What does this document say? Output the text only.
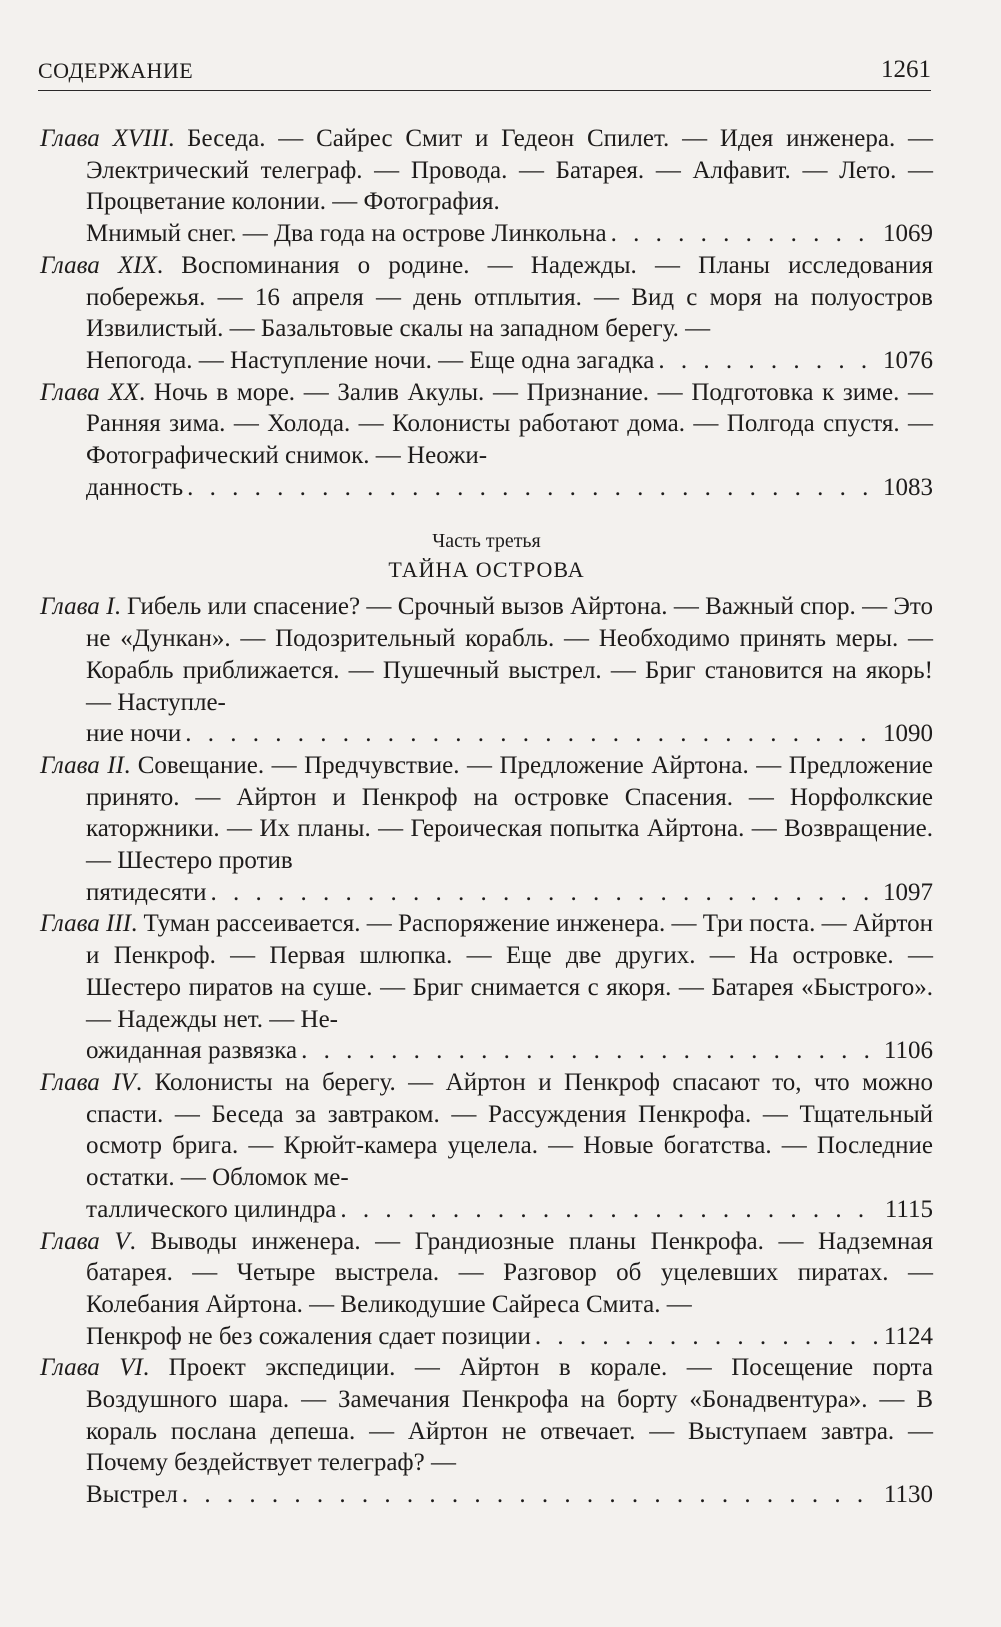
СОДЕРЖАНИЕ	1261
Глава XVIII. Беседа. — Сайрес Смит и Гедеон Спилет. — Идея инженера. — Электрический телеграф. — Провода. — Батарея. — Алфавит. — Лето. — Процветание колонии. — Фотография.
Мнимый снег. — Два года на острове Линкольна . . .	1069
Глава XIX. Воспоминания о родине. — Надежды. — Планы исследования побережья. — 16 апреля — день отплытия. — Вид с моря на полуостров Извилистый. — Базальтовые скалы на западном берегу. —
Непогода. — Наступление ночи. — Еще одна загадка . . .	1076
Глава XX. Ночь в море. — Залив Акулы. — Признание. — Подготовка к зиме. — Ранняя зима. — Холода. — Колонисты работают дома. — Полгода спустя. — Фотографический снимок. — Неожи-
данность . . .	1083
Часть третья
ТАЙНА ОСТРОВА
Глава I. Гибель или спасение? — Срочный вызов Айртона. — Важный спор. — Это не «Дункан». — Подозрительный корабль. — Необходимо принять меры. — Корабль приближается. — Пушечный выстрел. — Бриг становится на якорь! — Наступле-
ние ночи . . .	1090
Глава II. Совещание. — Предчувствие. — Предложение Айртона. — Предложение принято. — Айртон и Пенкроф на островке Спасения. — Норфолкские каторжники. — Их планы. — Героическая попытка Айртона. — Возвращение. — Шестеро против
пятидесяти . . .	1097
Глава III. Туман рассеивается. — Распоряжение инженера. — Три поста. — Айртон и Пенкроф. — Первая шлюпка. — Еще две других. — На островке. — Шестеро пиратов на суше. — Бриг снимается с якоря. — Батарея «Быстрого». — Надежды нет. — Не-
ожиданная развязка . . .	1106
Глава IV. Колонисты на берегу. — Айртон и Пенкроф спасают то, что можно спасти. — Беседа за завтраком. — Рассуждения Пенкрофа. — Тщательный осмотр брига. — Крюйт-камера уцелела. — Новые богатства. — Последние остатки. — Обломок ме-
таллического цилиндра . . .	1115
Глава V. Выводы инженера. — Грандиозные планы Пенкрофа. — Надземная батарея. — Четыре выстрела. — Разговор об уцелевших пиратах. — Колебания Айртона. — Великодушие Сайреса Смита. —
Пенкроф не без сожаления сдает позиции . . .	1124
Глава VI. Проект экспедиции. — Айртон в корале. — Посещение порта Воздушного шара. — Замечания Пенкрофа на борту «Бонадвентура». — В кораль послана депеша. — Айртон не отвечает. — Выступаем завтра. — Почему бездействует телеграф? —
Выстрел . . .	1130
